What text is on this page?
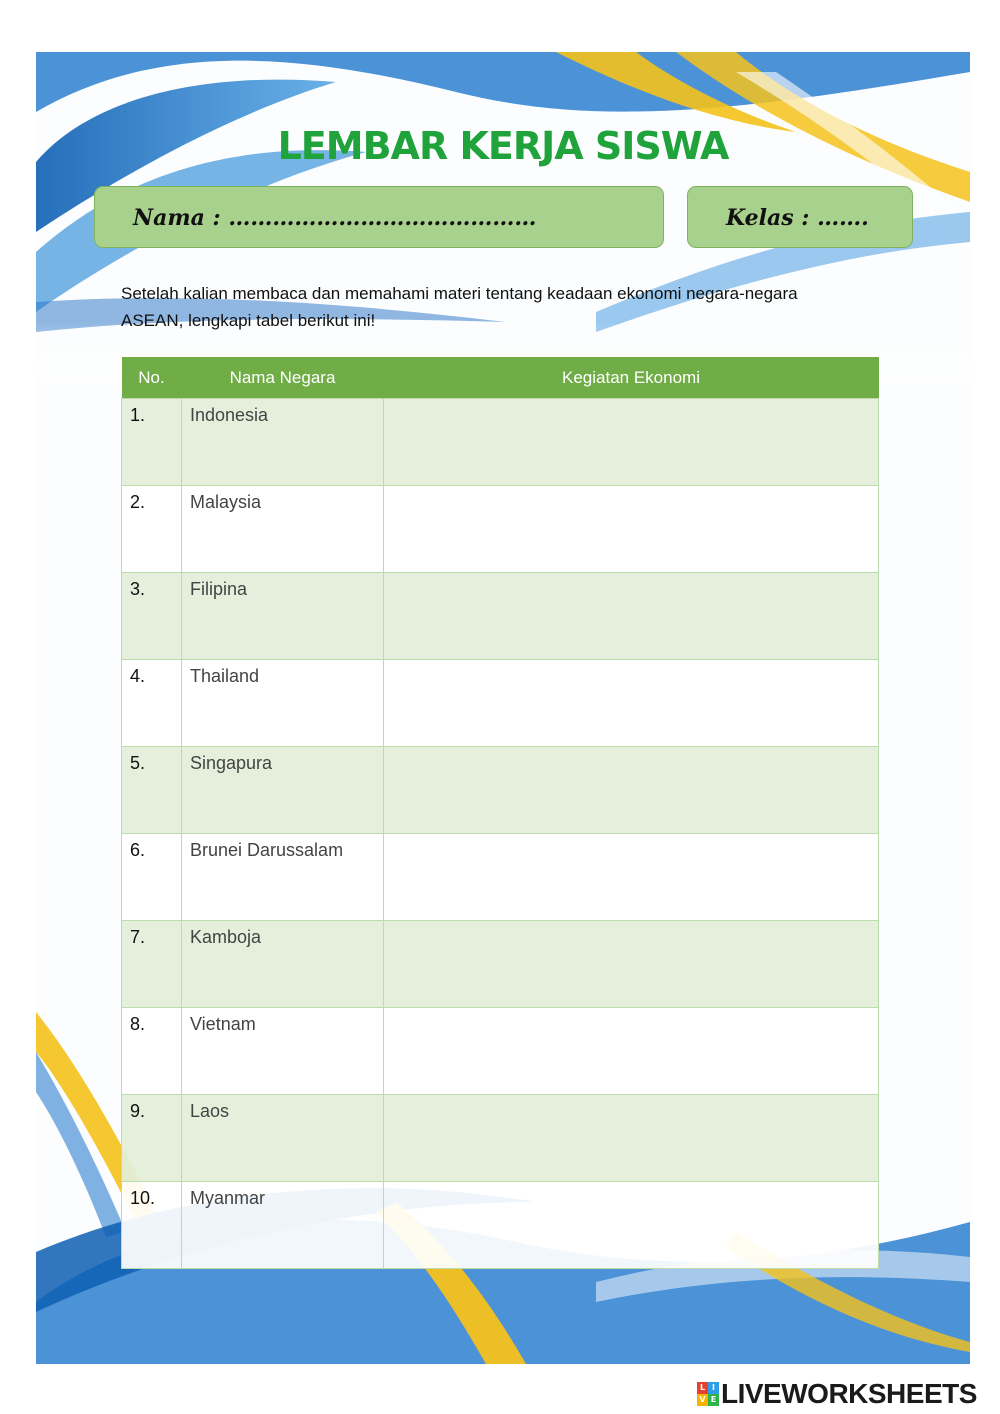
LEMBAR KERJA SISWA
Nama : ……………………………………	Kelas : …….

Setelah kalian membaca dan memahami materi tentang keadaan ekonomi negara-negara ASEAN, lengkapi tabel berikut ini!

No.	Nama Negara	Kegiatan Ekonomi
1.	Indonesia	
2.	Malaysia	
3.	Filipina	
4.	Thailand	
5.	Singapura	
6.	Brunei Darussalam	
7.	Kamboja	
8.	Vietnam	
9.	Laos	
10.	Myanmar	
L I
V E LIVEWORKSHEETS
